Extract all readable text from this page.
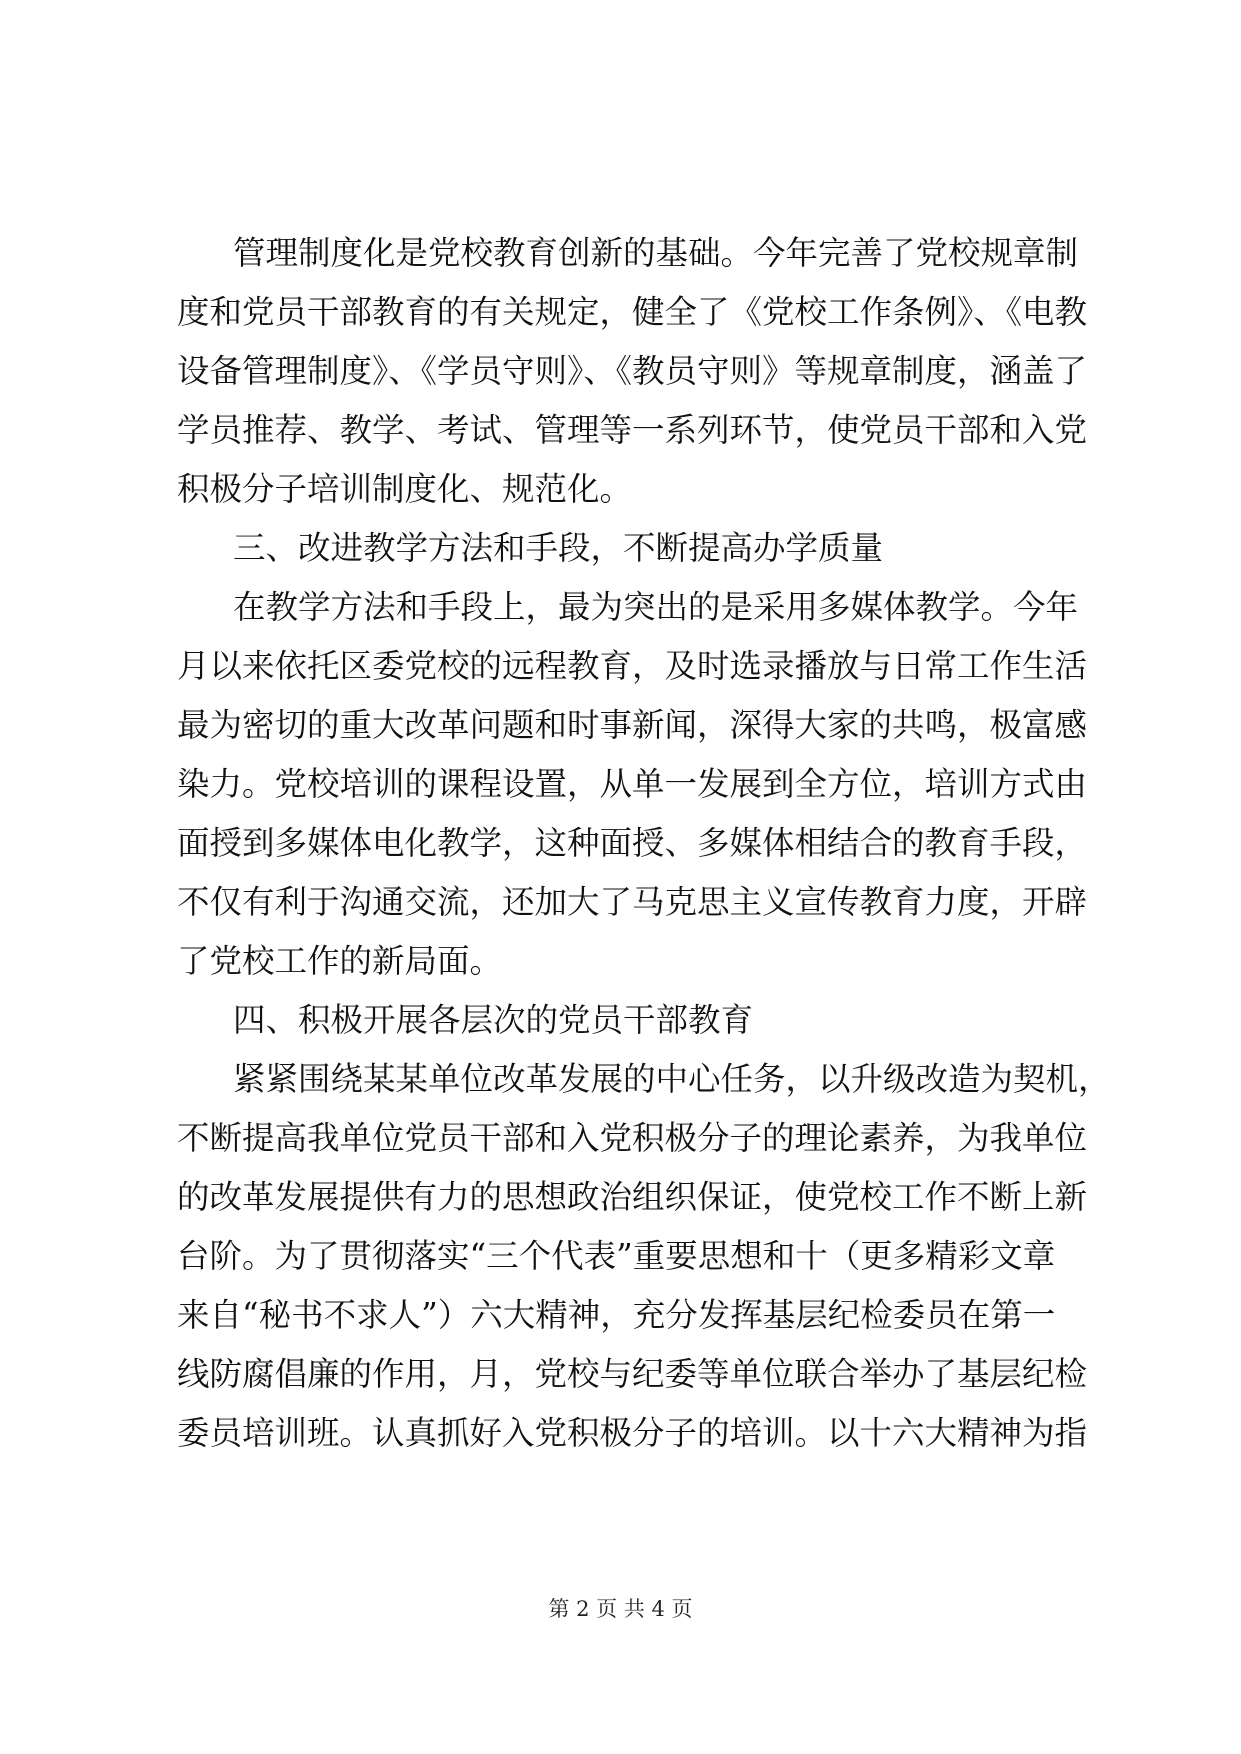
管理制度化是党校教育创新的基础。今年完善了党校规章制
度和党员干部教育的有关规定，健全了《党校工作条例》、《电教
设备管理制度》、《学员守则》、《教员守则》等规章制度，涵盖了
学员推荐、教学、考试、管理等一系列环节，使党员干部和入党
积极分子培训制度化、规范化。
三、改进教学方法和手段，不断提高办学质量
在教学方法和手段上，最为突出的是采用多媒体教学。今年
月以来依托区委党校的远程教育，及时选录播放与日常工作生活
最为密切的重大改革问题和时事新闻，深得大家的共鸣，极富感
染力。党校培训的课程设置，从单一发展到全方位，培训方式由
面授到多媒体电化教学，这种面授、多媒体相结合的教育手段，
不仅有利于沟通交流，还加大了马克思主义宣传教育力度，开辟
了党校工作的新局面。
四、积极开展各层次的党员干部教育
紧紧围绕某某单位改革发展的中心任务，以升级改造为契机，
不断提高我单位党员干部和入党积极分子的理论素养，为我单位
的改革发展提供有力的思想政治组织保证，使党校工作不断上新
台阶。为了贯彻落实“三个代表”重要思想和十（更多精彩文章
来自“秘书不求人”）六大精神，充分发挥基层纪检委员在第一
线防腐倡廉的作用，月，党校与纪委等单位联合举办了基层纪检
委员培训班。认真抓好入党积极分子的培训。以十六大精神为指
第 2 页 共 4 页
